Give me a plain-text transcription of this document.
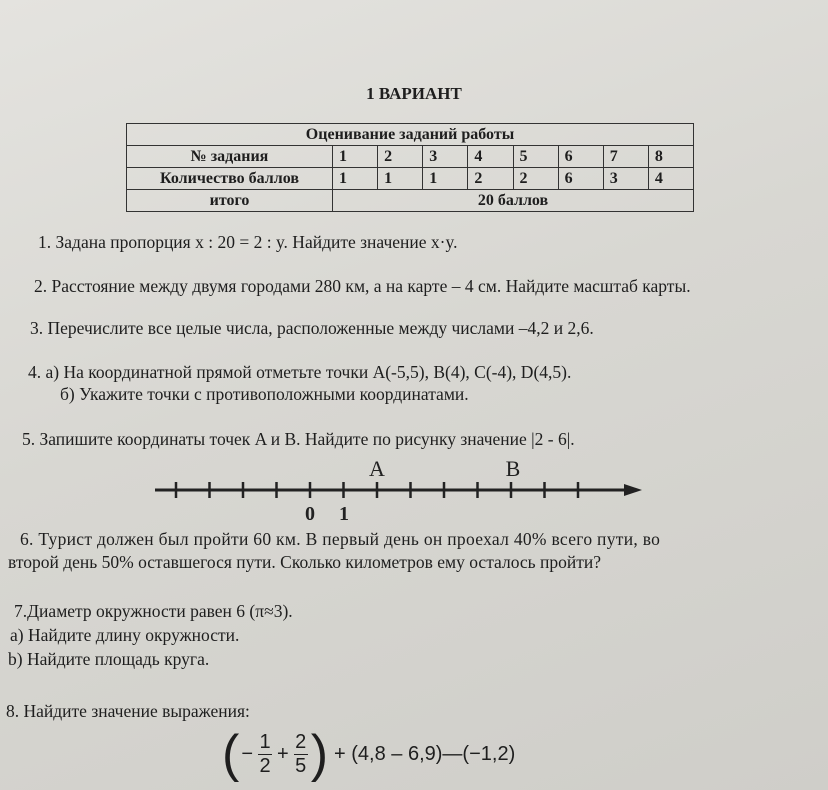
1 ВАРИАНТ
Оценивание заданий работы								
№ задания	1	2	3	4	5	6	7	8
Количество баллов	1	1	1	2	2	6	3	4
итого	20 баллов							
1. Задана пропорция x : 20 = 2 : y. Найдите значение x·y.
2. Расстояние между двумя городами 280 км, а на карте – 4 см. Найдите масштаб карты.
3. Перечислите все целые числа, расположенные между числами –4,2 и 2,6.
4. а) На координатной прямой отметьте точки A(-5,5), B(4), C(-4), D(4,5).
б) Укажите точки с противоположными координатами.
5. Запишите координаты точек A и B. Найдите по рисунку значение |2 - 6|.
A	B
0 1
6. Турист должен был пройти 60 км. В первый день он проехал 40% всего пути, во
второй день 50% оставшегося пути. Сколько километров ему осталось пройти?
7.Диаметр окружности равен 6 (π≈3).
а) Найдите длину окружности.
b) Найдите площадь круга.
8. Найдите значение выражения:
( −
1
2
+
2
5 ) + (4,8 – 6,9)—(−1,2)
